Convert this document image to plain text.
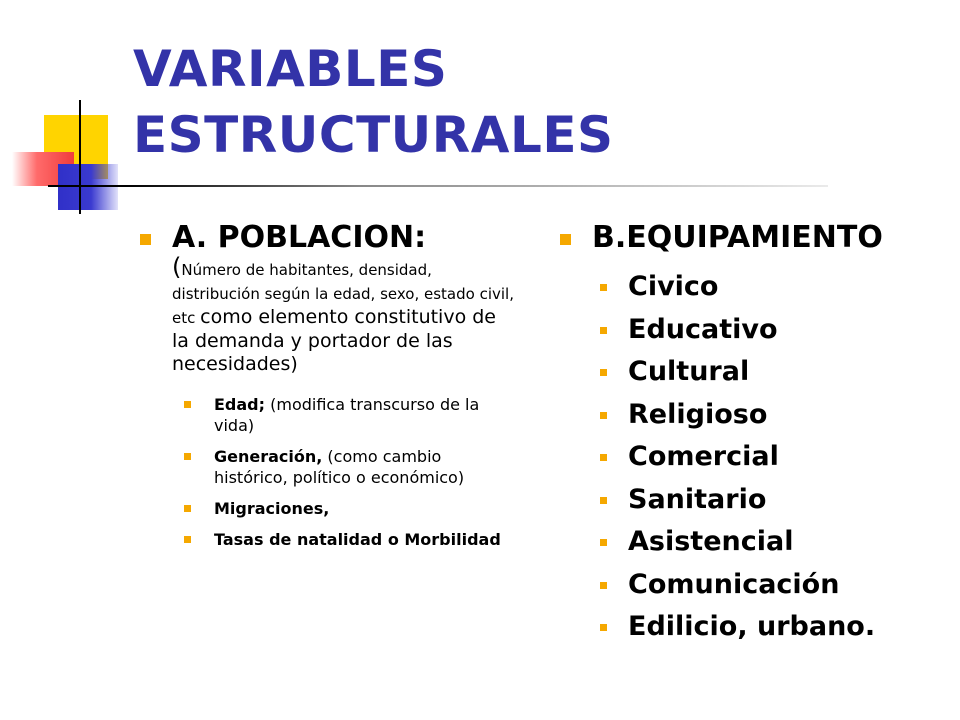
VARIABLES
ESTRUCTURALES
A. POBLACION:
(Número de habitantes, densidad, distribución según la edad, sexo, estado civil, etc como elemento constitutivo de la demanda y portador de las necesidades)
Edad; (modifica transcurso de la vida)
Generación, (como cambio histórico, político o económico)
Migraciones,
Tasas de natalidad o Morbilidad
B.EQUIPAMIENTO
Civico
Educativo
Cultural
Religioso
Comercial
Sanitario
Asistencial
Comunicación
Edilicio, urbano.
